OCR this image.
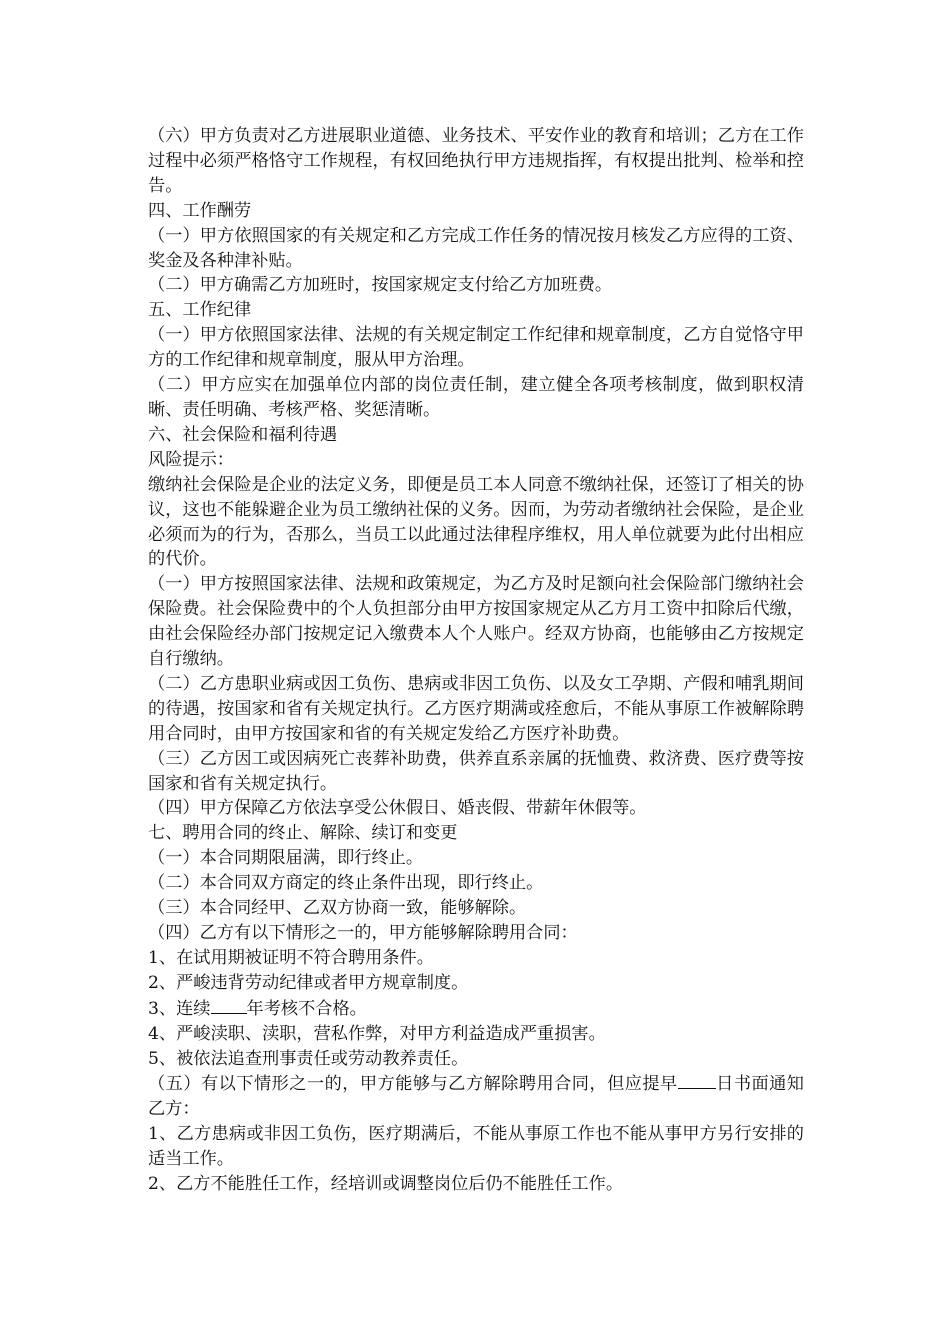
（六）甲方负责对乙方进展职业道德、业务技术、平安作业的教育和培训；乙方在工作过程中必须严格恪守工作规程，有权回绝执行甲方违规指挥，有权提出批判、检举和控告。

四、工作酬劳

（一）甲方依照国家的有关规定和乙方完成工作任务的情况按月核发乙方应得的工资、奖金及各种津补贴。

（二）甲方确需乙方加班时，按国家规定支付给乙方加班费。

五、工作纪律

（一）甲方依照国家法律、法规的有关规定制定工作纪律和规章制度，乙方自觉恪守甲方的工作纪律和规章制度，服从甲方治理。

（二）甲方应实在加强单位内部的岗位责任制，建立健全各项考核制度，做到职权清晰、责任明确、考核严格、奖惩清晰。

六、社会保险和福利待遇

风险提示：

缴纳社会保险是企业的法定义务，即便是员工本人同意不缴纳社保，还签订了相关的协议，这也不能躲避企业为员工缴纳社保的义务。因而，为劳动者缴纳社会保险，是企业必须而为的行为，否那么，当员工以此通过法律程序维权，用人单位就要为此付出相应的代价。

（一）甲方按照国家法律、法规和政策规定，为乙方及时足额向社会保险部门缴纳社会保险费。社会保险费中的个人负担部分由甲方按国家规定从乙方月工资中扣除后代缴，由社会保险经办部门按规定记入缴费本人个人账户。经双方协商，也能够由乙方按规定自行缴纳。

（二）乙方患职业病或因工负伤、患病或非因工负伤、以及女工孕期、产假和哺乳期间的待遇，按国家和省有关规定执行。乙方医疗期满或痊愈后，不能从事原工作被解除聘用合同时，由甲方按国家和省的有关规定发给乙方医疗补助费。

（三）乙方因工或因病死亡丧葬补助费，供养直系亲属的抚恤费、救济费、医疗费等按国家和省有关规定执行。

（四）甲方保障乙方依法享受公休假日、婚丧假、带薪年休假等。

七、聘用合同的终止、解除、续订和变更

（一）本合同期限届满，即行终止。

（二）本合同双方商定的终止条件出现，即行终止。

（三）本合同经甲、乙双方协商一致，能够解除。

（四）乙方有以下情形之一的，甲方能够解除聘用合同：

1、在试用期被证明不符合聘用条件。

2、严峻违背劳动纪律或者甲方规章制度。

3、连续 年考核不合格。

4、严峻渎职、渎职，营私作弊，对甲方利益造成严重损害。

5、被依法追查刑事责任或劳动教养责任。

（五）有以下情形之一的，甲方能够与乙方解除聘用合同，但应提早 日书面通知乙方：

1、乙方患病或非因工负伤，医疗期满后，不能从事原工作也不能从事甲方另行安排的适当工作。

2、乙方不能胜任工作，经培训或调整岗位后仍不能胜任工作。
